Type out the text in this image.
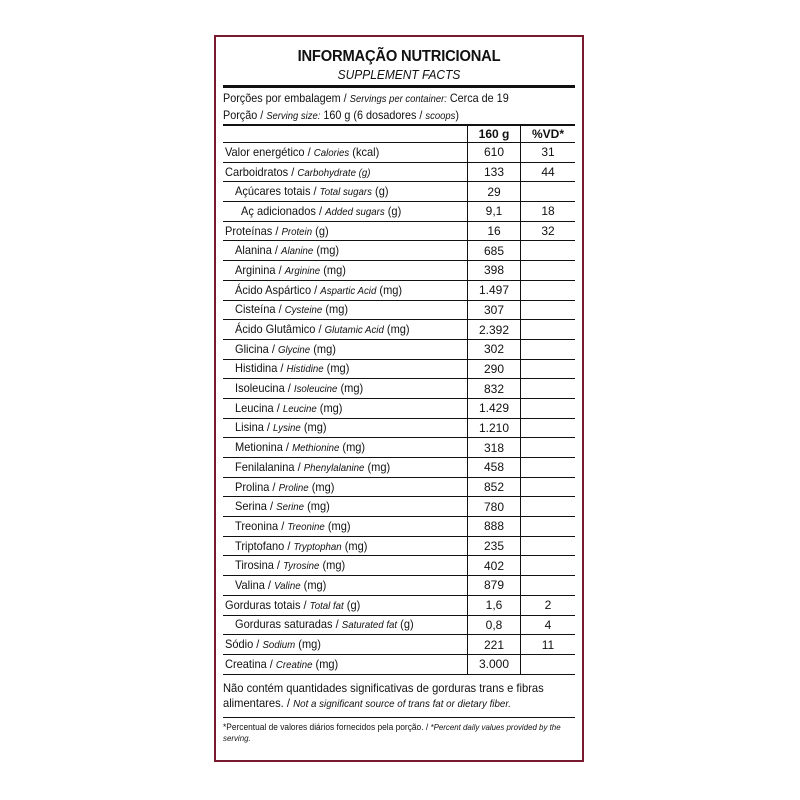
INFORMAÇÃO NUTRICIONAL
SUPPLEMENT FACTS
Porções por embalagem / Servings per container: Cerca de 19
Porção / Serving size: 160 g (6 dosadores / scoops)
	160 g	%VD*
Valor energético / Calories (kcal)	610	31
Carboidratos / Carbohydrate (g)	133	44
Açúcares totais / Total sugars (g)	29	
Aç adicionados / Added sugars (g)	9,1	18
Proteínas / Protein (g)	16	32
Alanina / Alanine (mg)	685	
Arginina / Arginine (mg)	398	
Ácido Aspártico / Aspartic Acid (mg)	1.497	
Cisteína / Cysteine (mg)	307	
Ácido Glutâmico / Glutamic Acid (mg)	2.392	
Glicina / Glycine (mg)	302	
Histidina / Histidine (mg)	290	
Isoleucina / Isoleucine (mg)	832	
Leucina / Leucine (mg)	1.429	
Lisina / Lysine (mg)	1.210	
Metionina / Methionine (mg)	318	
Fenilalanina / Phenylalanine (mg)	458	
Prolina / Proline (mg)	852	
Serina / Serine (mg)	780	
Treonina / Treonine (mg)	888	
Triptofano / Tryptophan (mg)	235	
Tirosina / Tyrosine (mg)	402	
Valina / Valine (mg)	879	
Gorduras totais / Total fat (g)	1,6	2
Gorduras saturadas / Saturated fat (g)	0,8	4
Sódio / Sodium (mg)	221	11
Creatina / Creatine (mg)	3.000	
Não contém quantidades significativas de gorduras trans e fibras alimentares. / Not a significant source of trans fat or dietary fiber.
*Percentual de valores diários fornecidos pela porção. / *Percent daily values provided by the serving.
